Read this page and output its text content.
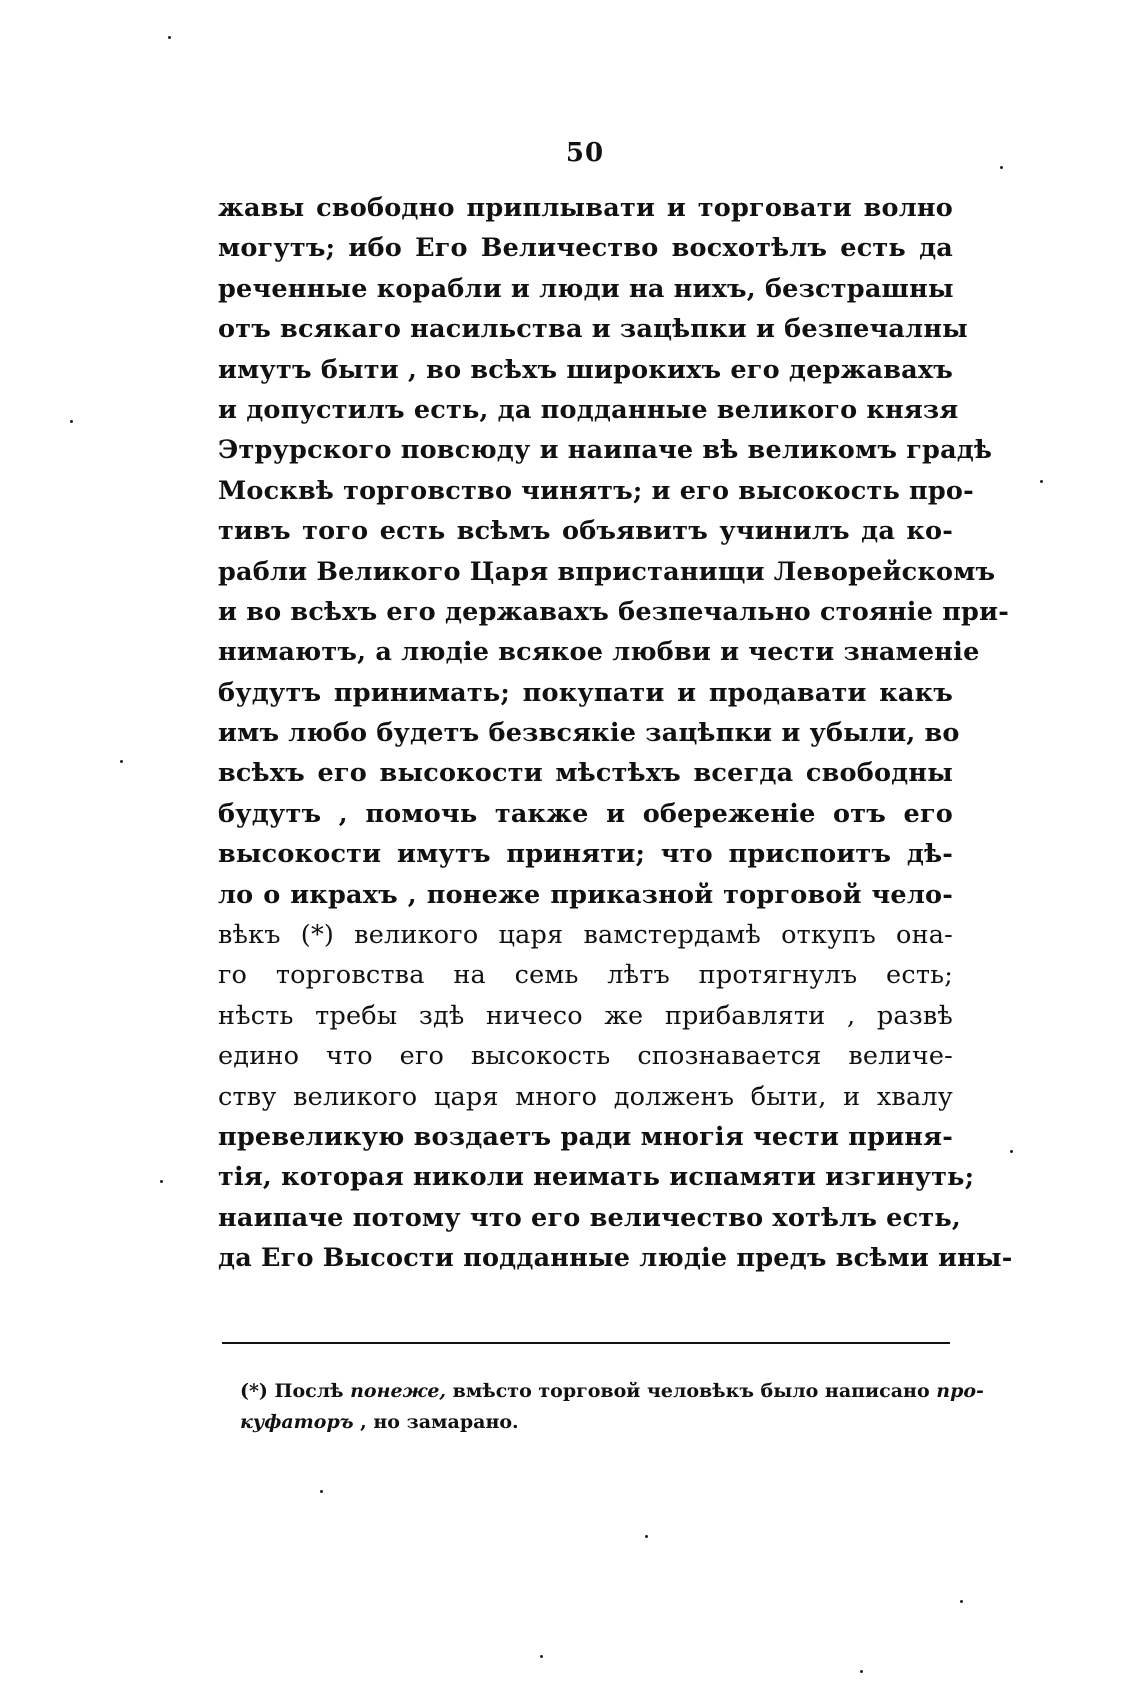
50
жавы свободно приплывати и торговати волно
могутъ; ибо Его Величество восхотѣлъ есть да
реченные корабли и люди на нихъ, безстрашны
отъ всякаго насильства и зацѣпки и безпечалны
имутъ быти , во всѣхъ широкихъ его державахъ
и допустилъ есть, да подданные великого князя
Этрурского повсюду и наипаче вѣ великомъ градѣ
Москвѣ торговство чинятъ; и его высокость про-
тивъ того есть всѣмъ объявитъ учинилъ да ко-
рабли Великого Царя впристанищи Леворейскомъ
и во всѣхъ его державахъ безпечально стояніе при-
нимаютъ, а людіе всякое любви и чести знаменіе
будутъ принимать; покупати и продавати какъ
имъ любо будетъ безвсякіе зацѣпки и убыли, во
всѣхъ его высокости мѣстѣхъ всегда свободны
будутъ , помочь также и обереженіе отъ его
высокости имутъ приняти; что приспоитъ дѣ-
ло о икрахъ , понеже приказной торговой чело-
вѣкъ (*) великого царя вамстердамѣ откупъ она-
го торговства на семь лѣтъ протягнулъ есть;
нѣсть требы здѣ ничесо же прибавляти , развѣ
едино что его высокость спознавается величе-
ству великого царя много долженъ быти, и хвалу
превеликую воздаетъ ради многія чести приня-
тія, которая николи неимать испамяти изгинуть;
наипаче потому что его величество хотѣлъ есть,
да Его Высости подданные людіе предъ всѣми ины-
(*) Послѣ понеже, вмѣсто торговой человѣкъ было написано про-
куфаторъ , но замарано.
